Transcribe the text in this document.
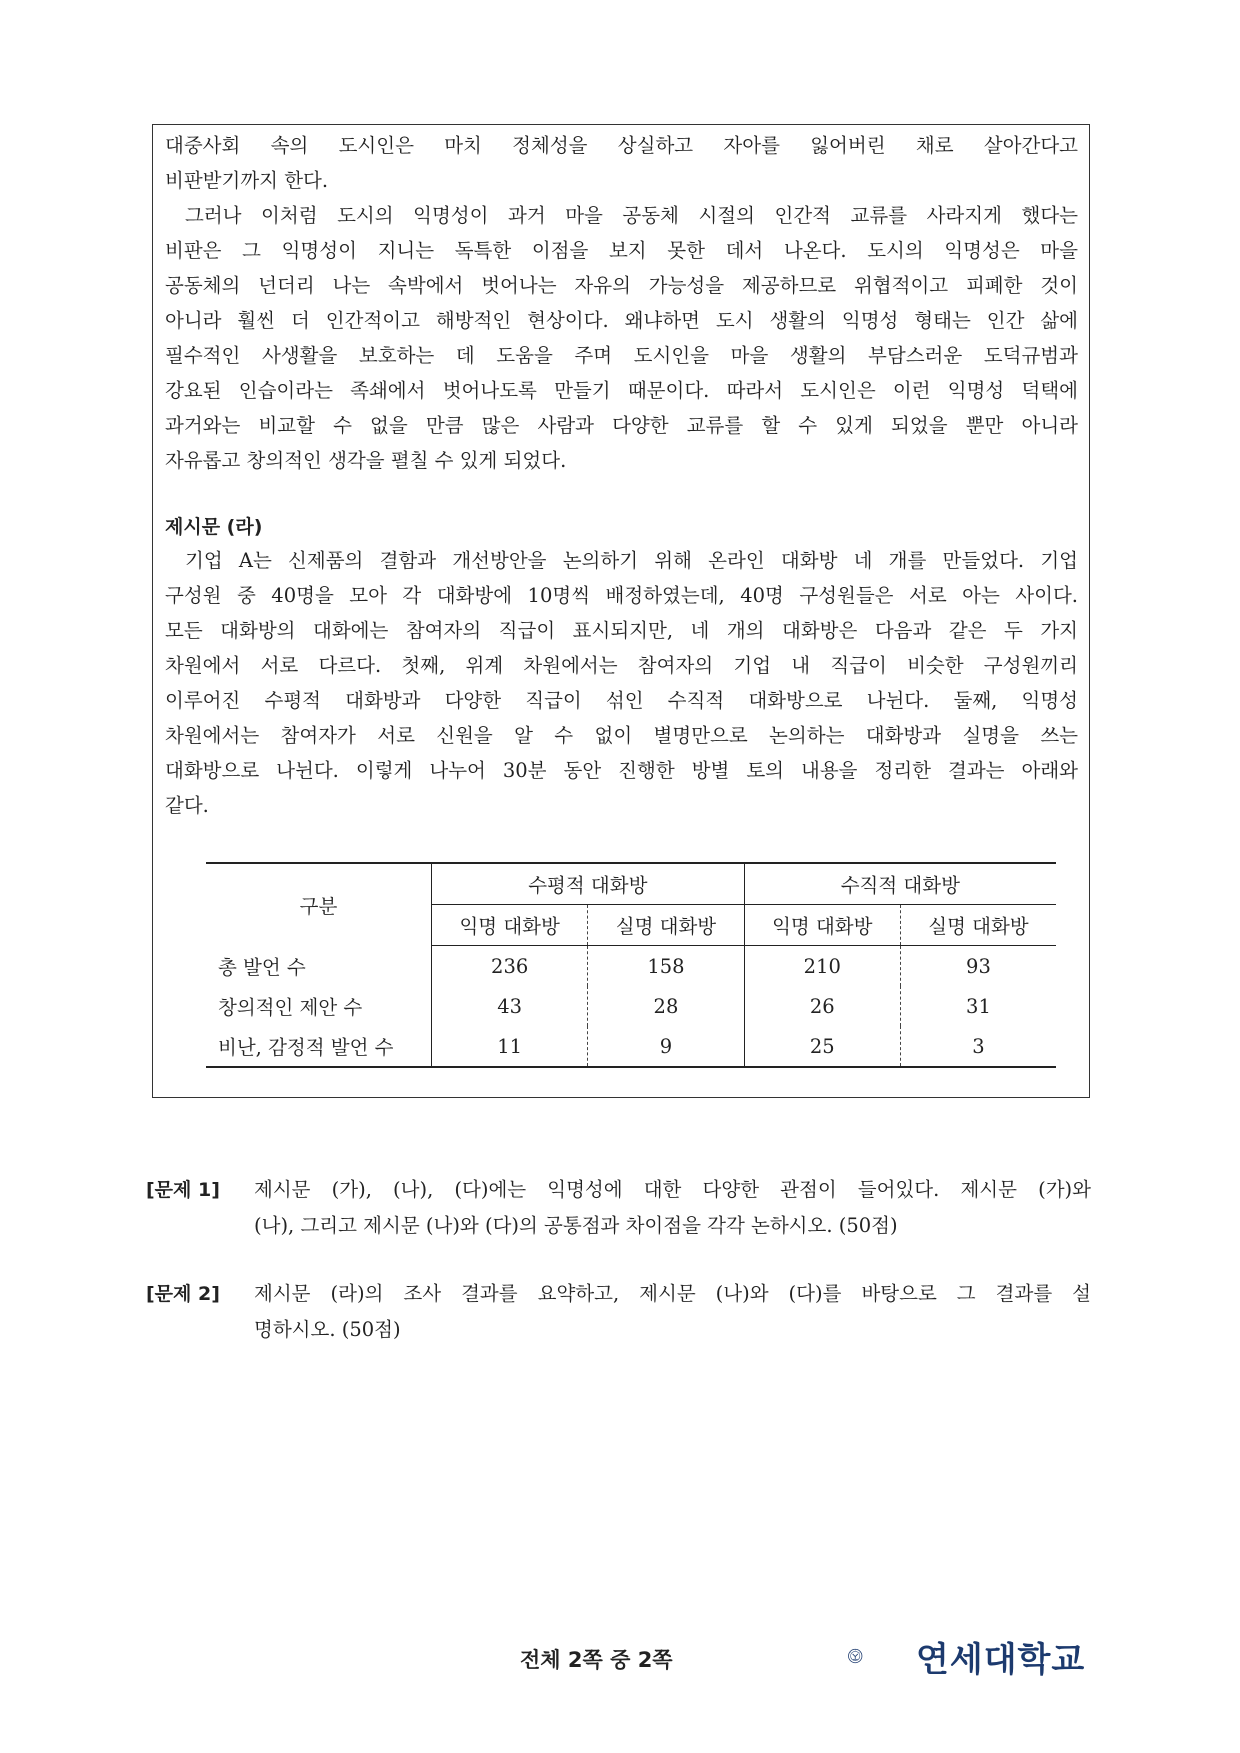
대중사회 속의 도시인은 마치 정체성을 상실하고 자아를 잃어버린 채로 살아간다고

비판받기까지 한다.

그러나 이처럼 도시의 익명성이 과거 마을 공동체 시절의 인간적 교류를 사라지게 했다는

비판은 그 익명성이 지니는 독특한 이점을 보지 못한 데서 나온다. 도시의 익명성은 마을

공동체의 넌더리 나는 속박에서 벗어나는 자유의 가능성을 제공하므로 위협적이고 피폐한 것이

아니라 훨씬 더 인간적이고 해방적인 현상이다. 왜냐하면 도시 생활의 익명성 형태는 인간 삶에

필수적인 사생활을 보호하는 데 도움을 주며 도시인을 마을 생활의 부담스러운 도덕규범과

강요된 인습이라는 족쇄에서 벗어나도록 만들기 때문이다. 따라서 도시인은 이런 익명성 덕택에

과거와는 비교할 수 없을 만큼 많은 사람과 다양한 교류를 할 수 있게 되었을 뿐만 아니라

자유롭고 창의적인 생각을 펼칠 수 있게 되었다.

제시문 (라)

기업 A는 신제품의 결함과 개선방안을 논의하기 위해 온라인 대화방 네 개를 만들었다. 기업

구성원 중 40명을 모아 각 대화방에 10명씩 배정하였는데, 40명 구성원들은 서로 아는 사이다.

모든 대화방의 대화에는 참여자의 직급이 표시되지만, 네 개의 대화방은 다음과 같은 두 가지

차원에서 서로 다르다. 첫째, 위계 차원에서는 참여자의 기업 내 직급이 비슷한 구성원끼리

이루어진 수평적 대화방과 다양한 직급이 섞인 수직적 대화방으로 나뉜다. 둘째, 익명성

차원에서는 참여자가 서로 신원을 알 수 없이 별명만으로 논의하는 대화방과 실명을 쓰는

대화방으로 나뉜다. 이렇게 나누어 30분 동안 진행한 방별 토의 내용을 정리한 결과는 아래와

같다.

구분	수평적 대화방		수직적 대화방	
	익명 대화방	실명 대화방	익명 대화방	실명 대화방
총 발언 수	236	158	210	93
창의적인 제안 수	43	28	26	31
비난, 감정적 발언 수	11	9	25	3
[문제 1] 제시문 (가), (나), (다)에는 익명성에 대한 다양한 관점이 들어있다. 제시문 (가)와
(나), 그리고 제시문 (나)와 (다)의 공통점과 차이점을 각각 논하시오. (50점)
[문제 2] 제시문 (라)의 조사 결과를 요약하고, 제시문 (나)와 (다)를 바탕으로 그 결과를 설
명하시오. (50점)
전체 2쪽 중 2쪽	연세대학교
